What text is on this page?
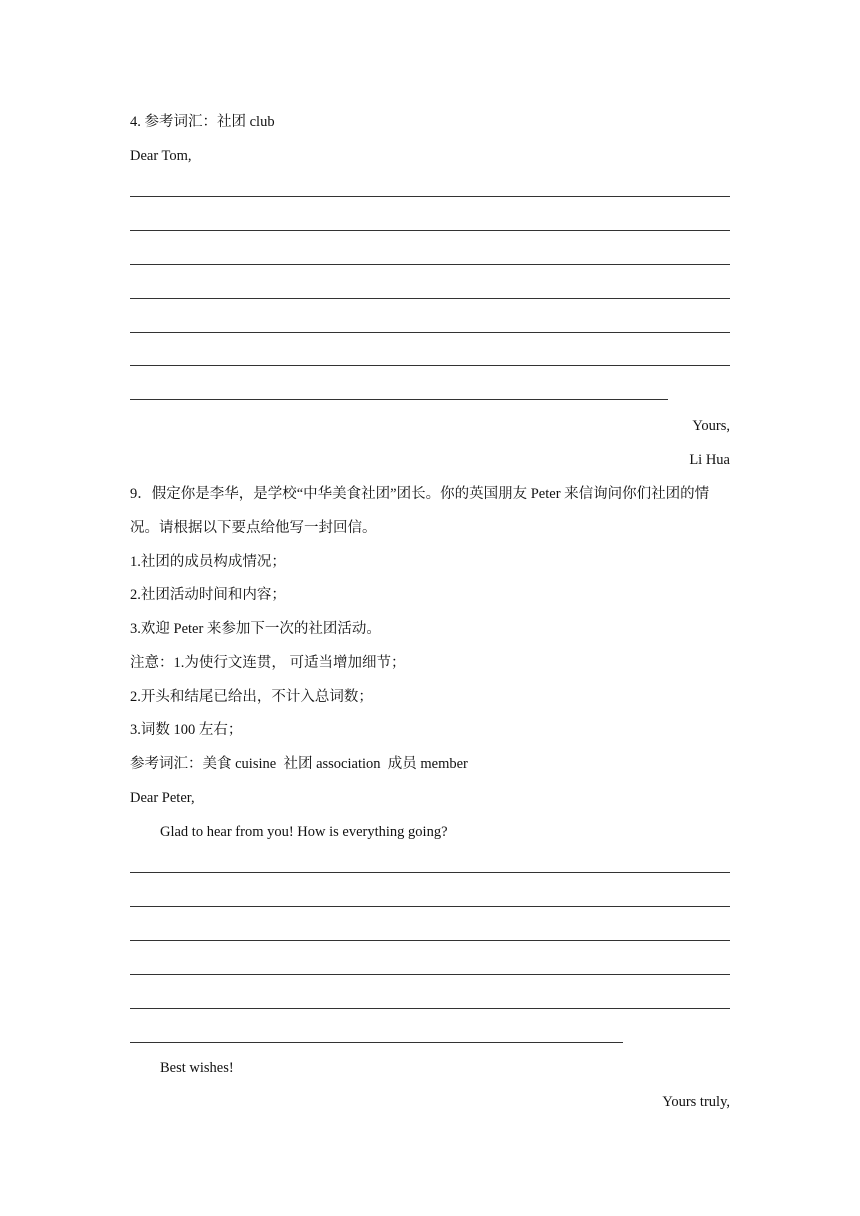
4. 参考词汇：社团 club
Dear Tom,
Yours,
Li Hua
9．假定你是李华，是学校“中华美食社团”团长。你的英国朋友 Peter 来信询问你们社团的情况。请根据以下要点给他写一封回信。
1.社团的成员构成情况；
2.社团活动时间和内容；
3.欢迎 Peter 来参加下一次的社团活动。
注意：1.为使行文连贯， 可适当增加细节；
2.开头和结尾已给出，不计入总词数；
3.词数 100 左右；
参考词汇：美食 cuisine  社团 association  成员 member
Dear Peter,
Glad to hear from you! How is everything going?
Best wishes!
Yours truly,
